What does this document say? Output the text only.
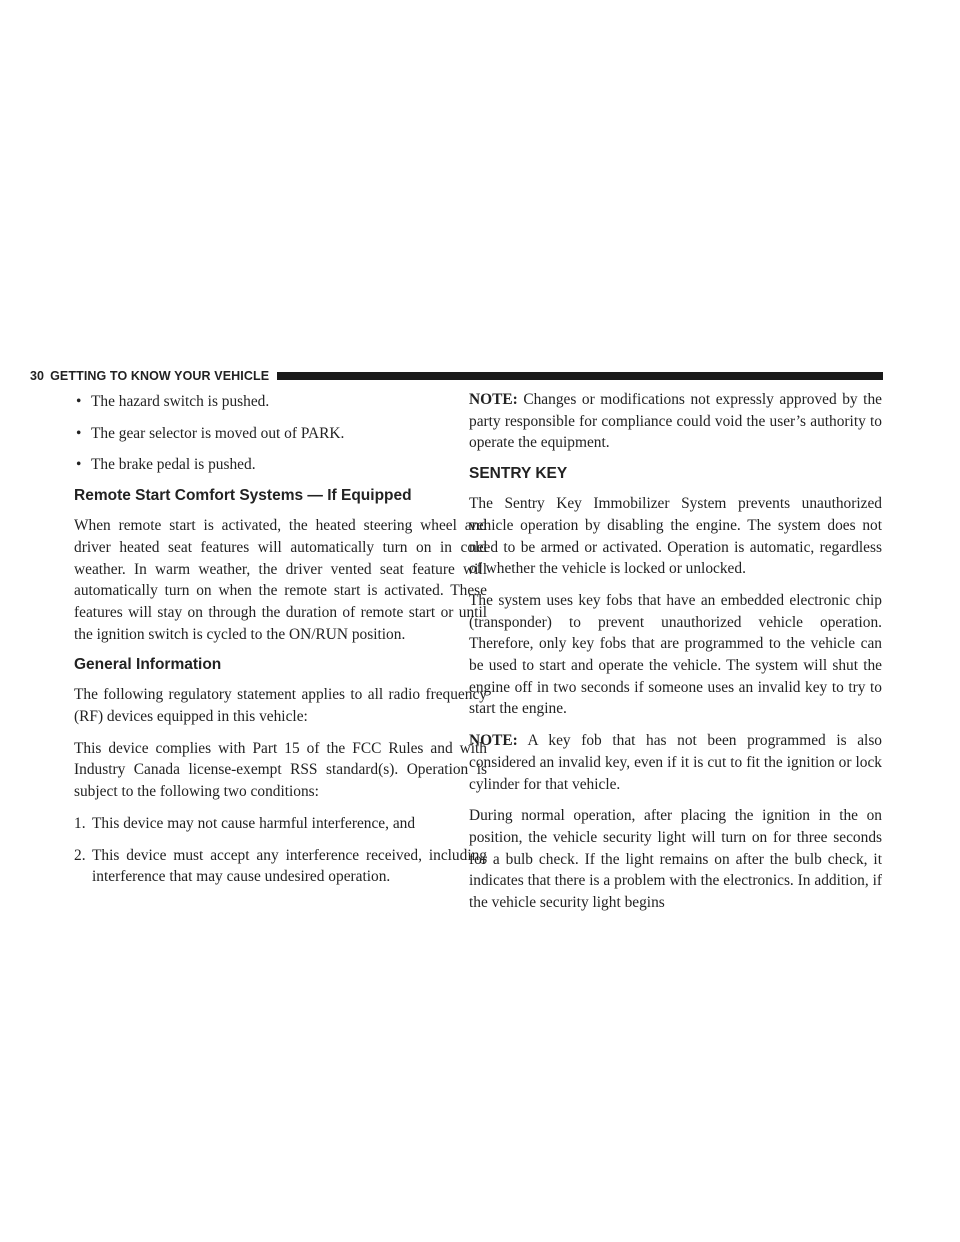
30 GETTING TO KNOW YOUR VEHICLE
• The hazard switch is pushed.
• The gear selector is moved out of PARK.
• The brake pedal is pushed.
Remote Start Comfort Systems — If Equipped

When remote start is activated, the heated steering wheel and driver heated seat features will automatically turn on in cold weather. In warm weather, the driver vented seat feature will automatically turn on when the remote start is activated. These features will stay on through the duration of remote start or until the ignition switch is cycled to the ON/RUN position.

General Information

The following regulatory statement applies to all radio frequency (RF) devices equipped in this vehicle:

This device complies with Part 15 of the FCC Rules and with Industry Canada license-exempt RSS standard(s). Operation is subject to the following two conditions:

1. This device may not cause harmful interference, and
2. This device must accept any interference received, including interference that may cause undesired operation.

NOTE: Changes or modifications not expressly approved by the party responsible for compliance could void the user’s authority to operate the equipment.

SENTRY KEY

The Sentry Key Immobilizer System prevents unauthorized vehicle operation by disabling the engine. The system does not need to be armed or activated. Operation is automatic, regardless of whether the vehicle is locked or unlocked.

The system uses key fobs that have an embedded electronic chip (transponder) to prevent unauthorized vehicle operation. Therefore, only key fobs that are programmed to the vehicle can be used to start and operate the vehicle. The system will shut the engine off in two seconds if someone uses an invalid key to try to start the engine.

NOTE: A key fob that has not been programmed is also considered an invalid key, even if it is cut to fit the ignition or lock cylinder for that vehicle.

During normal operation, after placing the ignition in the on position, the vehicle security light will turn on for three seconds for a bulb check. If the light remains on after the bulb check, it indicates that there is a problem with the electronics. In addition, if the vehicle security light begins
